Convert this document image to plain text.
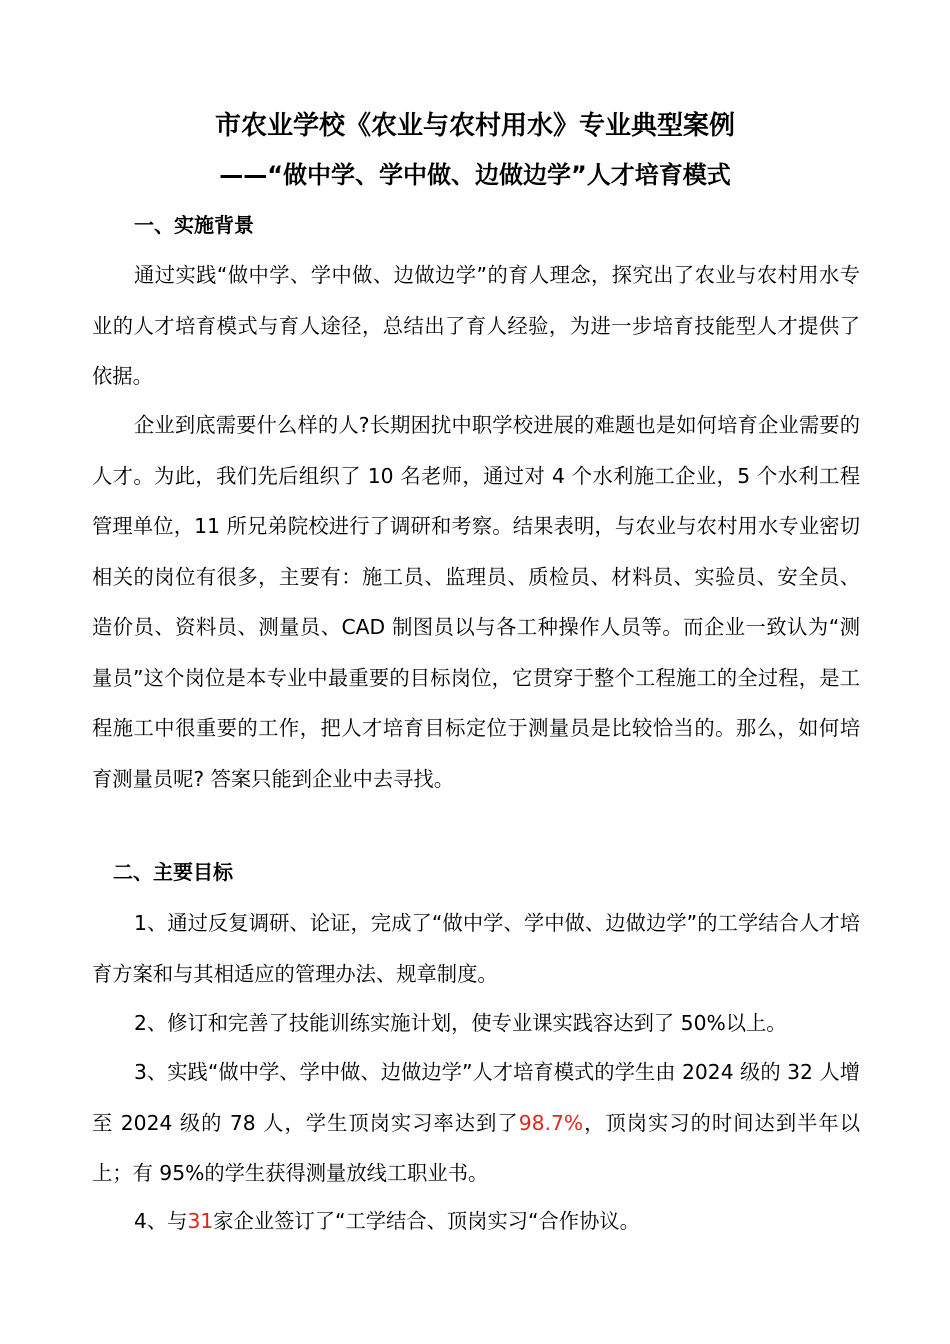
市农业学校《农业与农村用水》专业典型案例
——“做中学、学中做、边做边学”人才培育模式
一、实施背景

通过实践“做中学、学中做、边做边学”的育人理念，探究出了农业与农村用水专业的人才培育模式与育人途径，总结出了育人经验，为进一步培育技能型人才提供了依据。

企业到底需要什么样的人?长期困扰中职学校进展的难题也是如何培育企业需要的人才。为此，我们先后组织了 10 名老师，通过对 4 个水利施工企业，5 个水利工程管理单位，11 所兄弟院校进行了调研和考察。结果表明，与农业与农村用水专业密切相关的岗位有很多，主要有：施工员、监理员、质检员、材料员、实验员、安全员、造价员、资料员、测量员、CAD 制图员以与各工种操作人员等。而企业一致认为“测量员”这个岗位是本专业中最重要的目标岗位，它贯穿于整个工程施工的全过程，是工程施工中很重要的工作，把人才培育目标定位于测量员是比较恰当的。那么，如何培育测量员呢? 答案只能到企业中去寻找。

二、主要目标

1、通过反复调研、论证，完成了“做中学、学中做、边做边学”的工学结合人才培育方案和与其相适应的管理办法、规章制度。

2、修订和完善了技能训练实施计划，使专业课实践容达到了 50%以上。

3、实践“做中学、学中做、边做边学”人才培育模式的学生由 2024 级的 32 人增至 2024 级的 78 人，学生顶岗实习率达到了98.7%，顶岗实习的时间达到半年以上；有 95%的学生获得测量放线工职业书。

4、与31家企业签订了“工学结合、顶岗实习“合作协议。
